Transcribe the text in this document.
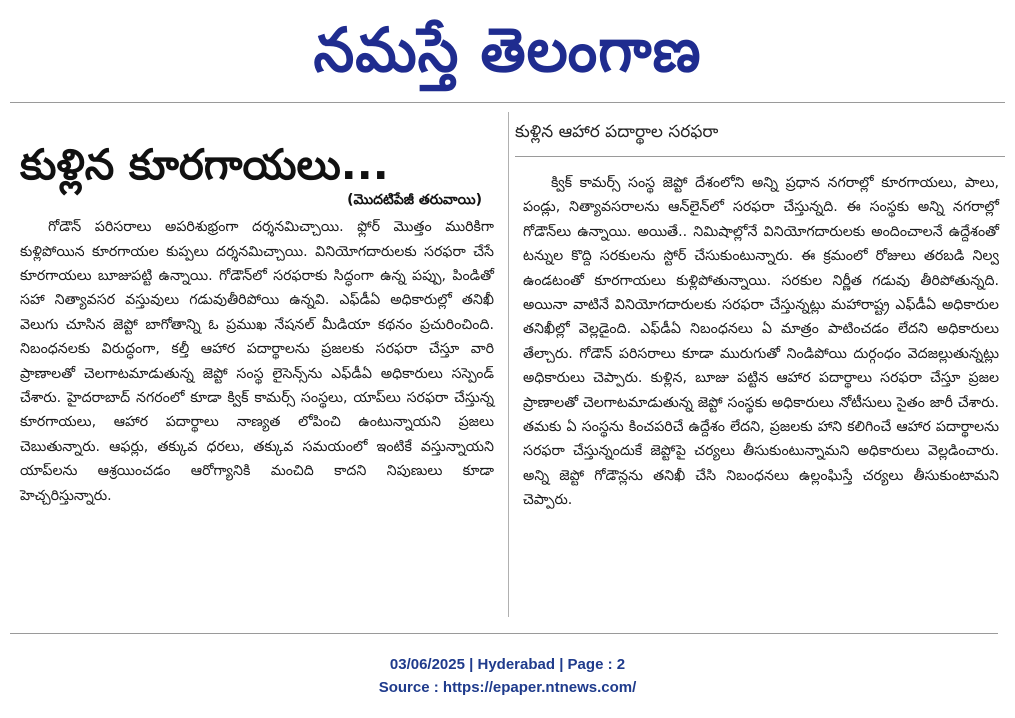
నమస్తే తెలంగాణ
కుళ్లిన కూరగాయలు...
(మొదటిపేజీ తరువాయి)
గోడౌన్ పరిసరాలు అపరిశుభ్రంగా దర్శనమిచ్చాయి. ఫ్లోర్ మొత్తం మురికిగా కుళ్లిపోయిన కూరగాయల కుప్పలు దర్శనమిచ్చాయి. వినియోగదారులకు సరఫరా చేసే కూరగాయలు బూజుపట్టి ఉన్నాయి. గోడౌన్‌లో సరఫరాకు సిద్ధంగా ఉన్న పప్పు, పిండితో సహా నిత్యావసర వస్తువులు గడువుతీరిపోయి ఉన్నవి. ఎఫ్‌డీఏ అధికారుల్లో తనిఖీ వెలుగు చూసిన జెప్టో బాగోతాన్ని ఓ ప్రముఖ నేషనల్ మీడియా కథనం ప్రచురించింది. నిబంధనలకు విరుద్ధంగా, కల్తీ ఆహార పదార్థాలను ప్రజలకు సరఫరా చేస్తూ వారి ప్రాణాలతో చెలగాటమాడుతున్న జెప్టో సంస్థ లైసెన్స్‌ను ఎఫ్‌డీఏ అధికారులు సస్పెండ్ చేశారు. హైదరాబాద్ నగరంలో కూడా క్విక్ కామర్స్ సంస్థలు, యాప్‌లు సరఫరా చేస్తున్న కూరగాయలు, ఆహార పదార్థాలు నాణ్యత లోపించి ఉంటున్నాయని ప్రజలు చెబుతున్నారు. ఆఫర్లు, తక్కువ ధరలు, తక్కువ సమయంలో ఇంటికే వస్తున్నాయని యాప్‌లను ఆశ్రయించడం ఆరోగ్యానికి మంచిది కాదని నిపుణులు కూడా హెచ్చరిస్తున్నారు.
కుళ్లిన ఆహార పదార్థాల సరఫరా
క్విక్ కామర్స్ సంస్థ జెప్టో దేశంలోని అన్ని ప్రధాన నగరాల్లో కూరగాయలు, పాలు, పండ్లు, నిత్యావసరాలను ఆన్‌లైన్‌లో సరఫరా చేస్తున్నది. ఈ సంస్థకు అన్ని నగరాల్లో గోడౌన్‌లు ఉన్నాయి. అయితే.. నిమిషాల్లోనే వినియోగదారులకు అందించాలనే ఉద్దేశంతో టన్నుల కొద్ది సరకులను స్టోర్ చేసుకుంటున్నారు. ఈ క్రమంలో రోజులు తరబడి నిల్వ ఉండటంతో కూరగాయలు కుళ్లిపోతున్నాయి. సరకుల నిర్ణీత గడువు తీరిపోతున్నది. అయినా వాటినే వినియోగదారులకు సరఫరా చేస్తున్నట్లు మహారాష్ట్ర ఎఫ్‌డీఏ అధికారుల తనిఖీల్లో వెల్లడైంది. ఎఫ్‌డీఏ నిబంధనలు ఏ మాత్రం పాటించడం లేదని అధికారులు తేల్చారు. గోడౌన్ పరిసరాలు కూడా మురుగుతో నిండిపోయి దుర్గంధం వెదజల్లుతున్నట్లు అధికారులు చెప్పారు. కుళ్లిన, బూజు పట్టిన ఆహార పదార్థాలు సరఫరా చేస్తూ ప్రజల ప్రాణాలతో చెలగాటమాడుతున్న జెప్టో సంస్థకు అధికారులు నోటీసులు సైతం జారీ చేశారు. తమకు ఏ సంస్థను కించపరిచే ఉద్దేశం లేదని, ప్రజలకు హాని కలిగించే ఆహార పదార్థాలను సరఫరా చేస్తున్నందుకే జెప్టోపై చర్యలు తీసుకుంటున్నామని అధికారులు వెల్లడించారు. అన్ని జెప్టో గోడౌన్లను తనిఖీ చేసి నిబంధనలు ఉల్లంఘిస్తే చర్యలు తీసుకుంటామని చెప్పారు.
03/06/2025 | Hyderabad | Page : 2
Source : https://epaper.ntnews.com/
